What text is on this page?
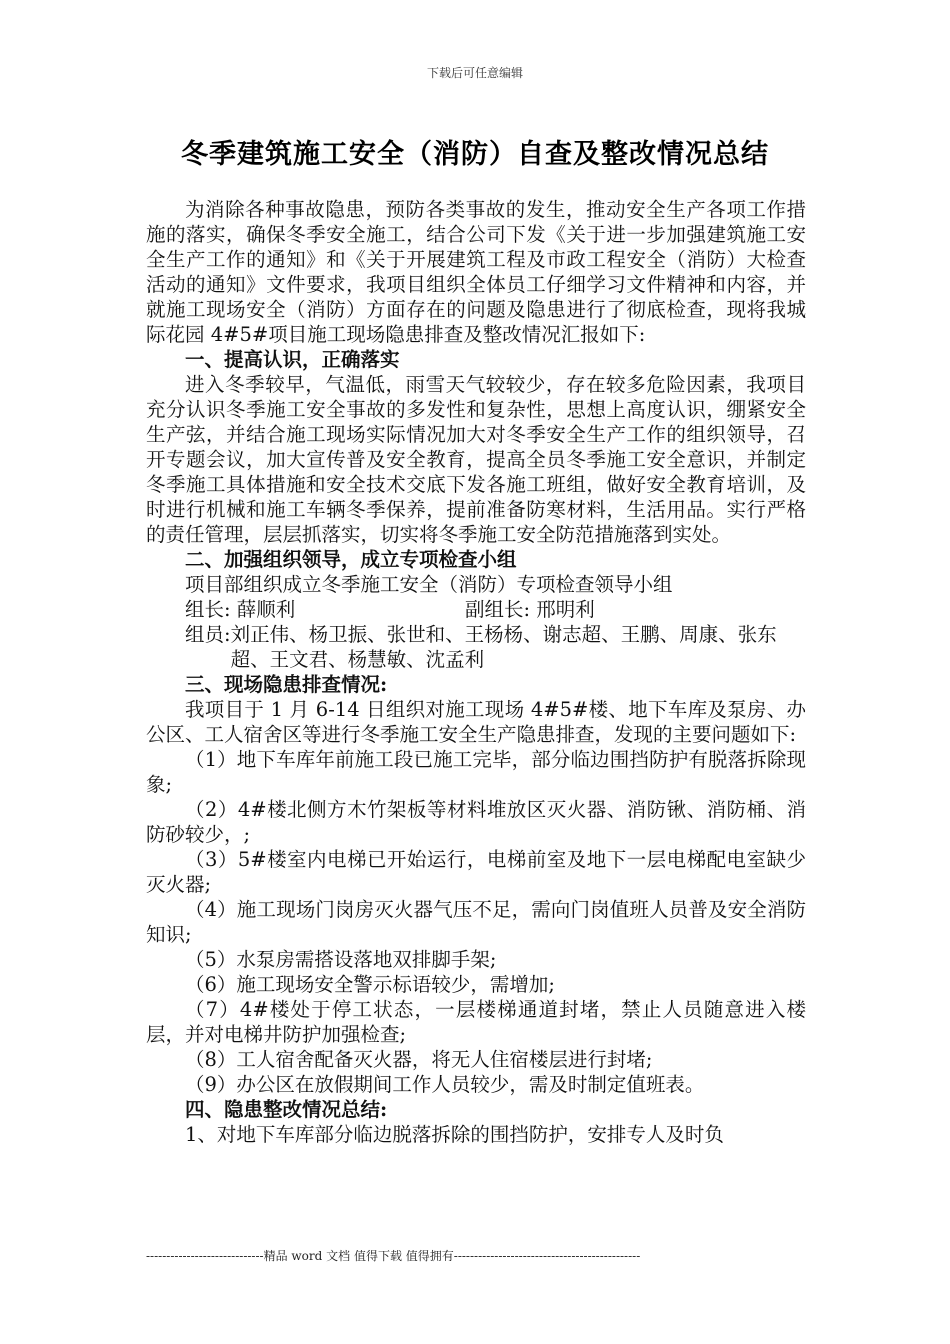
下载后可任意编辑
冬季建筑施工安全（消防）自查及整改情况总结

为消除各种事故隐患，预防各类事故的发生，推动安全生产各项工作措施的落实，确保冬季安全施工，结合公司下发《关于进一步加强建筑施工安全生产工作的通知》和《关于开展建筑工程及市政工程安全（消防）大检查活动的通知》文件要求，我项目组织全体员工仔细学习文件精神和内容，并就施工现场安全（消防）方面存在的问题及隐患进行了彻底检查，现将我城际花园 4#5#项目施工现场隐患排查及整改情况汇报如下:

一、提高认识，正确落实

进入冬季较早，气温低，雨雪天气较较少，存在较多危险因素，我项目充分认识冬季施工安全事故的多发性和复杂性，思想上高度认识，绷紧安全生产弦，并结合施工现场实际情况加大对冬季安全生产工作的组织领导，召开专题会议，加大宣传普及安全教育，提高全员冬季施工安全意识，并制定冬季施工具体措施和安全技术交底下发各施工班组，做好安全教育培训，及时进行机械和施工车辆冬季保养，提前准备防寒材料，生活用品。实行严格的责任管理，层层抓落实，切实将冬季施工安全防范措施落到实处。

二、加强组织领导，成立专项检查小组

项目部组织成立冬季施工安全（消防）专项检查领导小组

组长: 薛顺利	副组长: 邢明利
组员: 刘正伟、杨卫振、张世和、王杨杨、谢志超、王鹏、周康、张东超、王文君、杨慧敏、沈孟利

三、现场隐患排查情况:

我项目于 1 月 6-14 日组织对施工现场 4#5#楼、地下车库及泵房、办公区、工人宿舍区等进行冬季施工安全生产隐患排查，发现的主要问题如下:

（1）地下车库年前施工段已施工完毕，部分临边围挡防护有脱落拆除现象;

（2）4#楼北侧方木竹架板等材料堆放区灭火器、消防锹、消防桶、消防砂较少，;

（3）5#楼室内电梯已开始运行，电梯前室及地下一层电梯配电室缺少灭火器;

（4）施工现场门岗房灭火器气压不足，需向门岗值班人员普及安全消防知识;

（5）水泵房需搭设落地双排脚手架;

（6）施工现场安全警示标语较少，需增加;

（7）4#楼处于停工状态，一层楼梯通道封堵，禁止人员随意进入楼层，并对电梯井防护加强检查;

（8）工人宿舍配备灭火器，将无人住宿楼层进行封堵;

（9）办公区在放假期间工作人员较少，需及时制定值班表。

四、隐患整改情况总结:

1、对地下车库部分临边脱落拆除的围挡防护，安排专人及时负

-----------------------------精品 word 文档 值得下载 值得拥有----------------------------------------------
